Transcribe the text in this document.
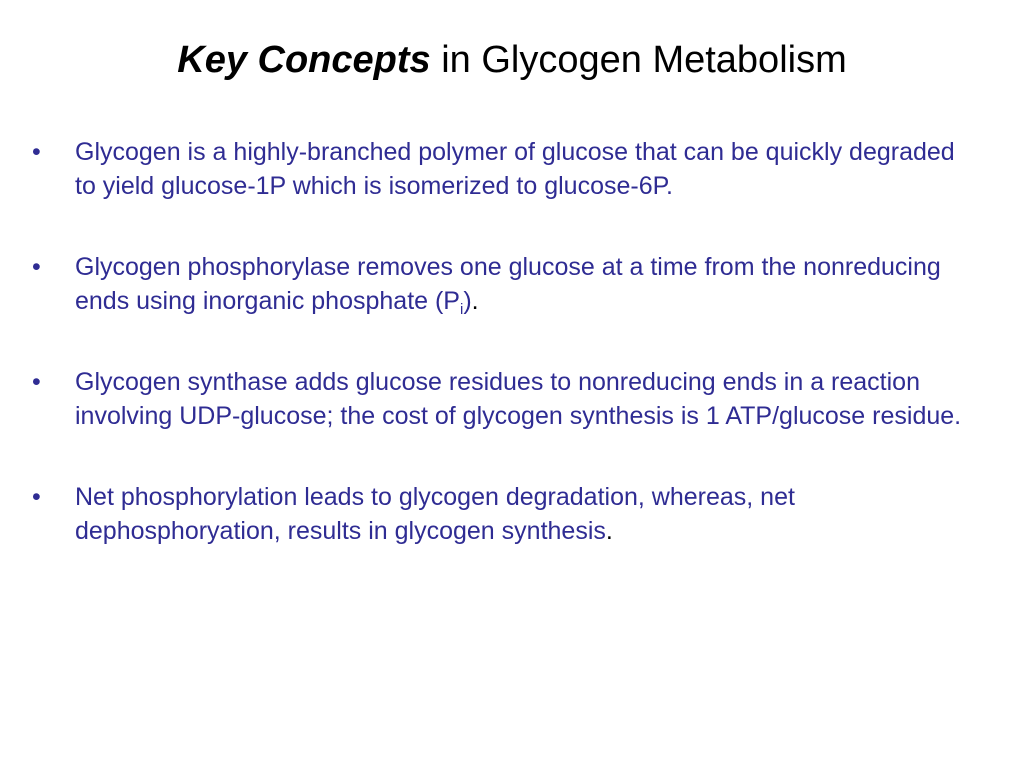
Key Concepts in Glycogen Metabolism
• Glycogen is a highly-branched polymer of glucose that can be quickly degraded to yield glucose-1P which is isomerized to glucose-6P.
• Glycogen phosphorylase removes one glucose at a time from the nonreducing ends using inorganic phosphate $(P_i)$.
• Glycogen synthase adds glucose residues to nonreducing ends in a reaction involving UDP-glucose; the cost of glycogen synthesis is 1 ATP/glucose residue.
• Net phosphorylation leads to glycogen degradation, whereas, net dephosphoryation, results in glycogen synthesis.
